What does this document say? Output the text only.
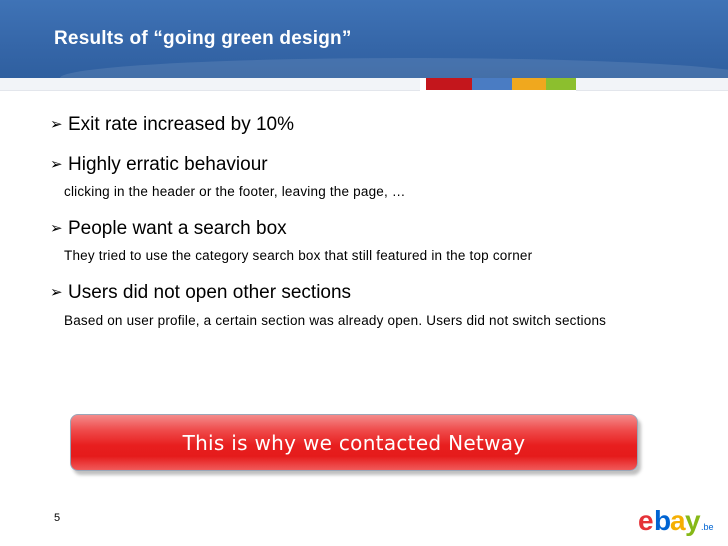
Results of “going green design”
➢ Exit rate increased by 10%
➢ Highly erratic behaviour
clicking in the header or the footer, leaving the page, …
➢ People want a search box
They tried to use the category search box that still featured in the top corner
➢ Users did not open other sections
Based on user profile, a certain section was already open. Users did not switch sections
This is why we contacted Netway
5	e b a y .be
